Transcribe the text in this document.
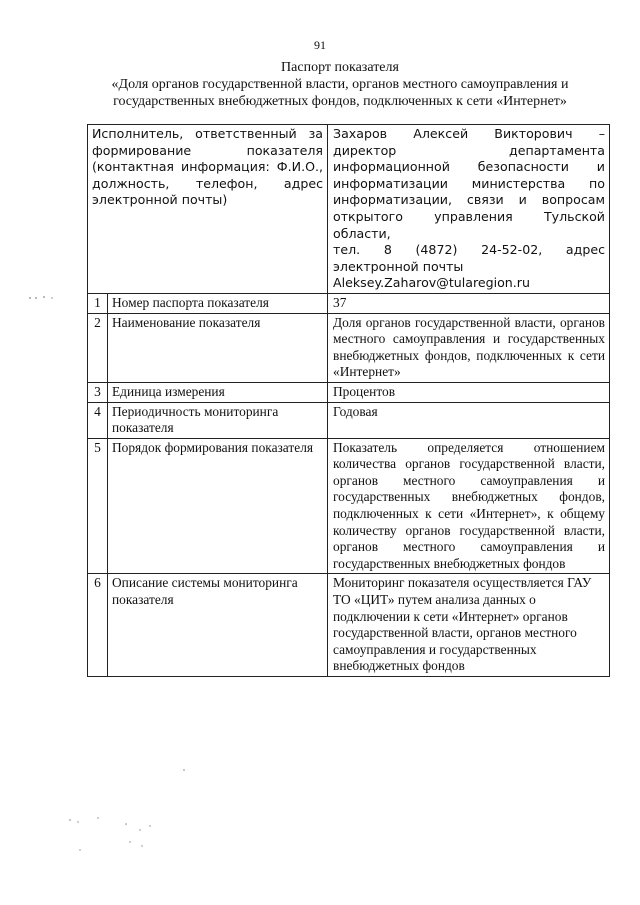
91
Паспорт показателя
«Доля органов государственной власти, органов местного самоуправления и государственных внебюджетных фондов, подключенных к сети «Интернет»
Исполнитель, ответственный за формирование показателя (контактная информация: Ф.И.О., должность, телефон, адрес электронной почты)		Захаров Алексей Викторович – директор департамента информационной безопасности и информатизации министерства по информатизации, связи и вопросам открытого управления Тульской области,
тел. 8 (4872) 24-52-02, адрес электронной почты
Aleksey.Zaharov@tularegion.ru

1	Номер паспорта показателя	37
2	Наименование показателя	Доля органов государственной власти, органов местного самоуправления и государственных внебюджетных фондов, подключенных к сети «Интернет»
3	Единица измерения	Процентов
4	Периодичность мониторинга показателя	Годовая
5	Порядок формирования показателя	Показатель определяется отношением количества органов государственной власти, органов местного самоуправления и государственных внебюджетных фондов, подключенных к сети «Интернет», к общему количеству органов государственной власти, органов местного самоуправления и государственных внебюджетных фондов
6	Описание системы мониторинга показателя	Мониторинг показателя осуществляется ГАУ ТО «ЦИТ» путем анализа данных о подключении к сети «Интернет» органов государственной власти, органов местного самоуправления и государственных внебюджетных фондов
